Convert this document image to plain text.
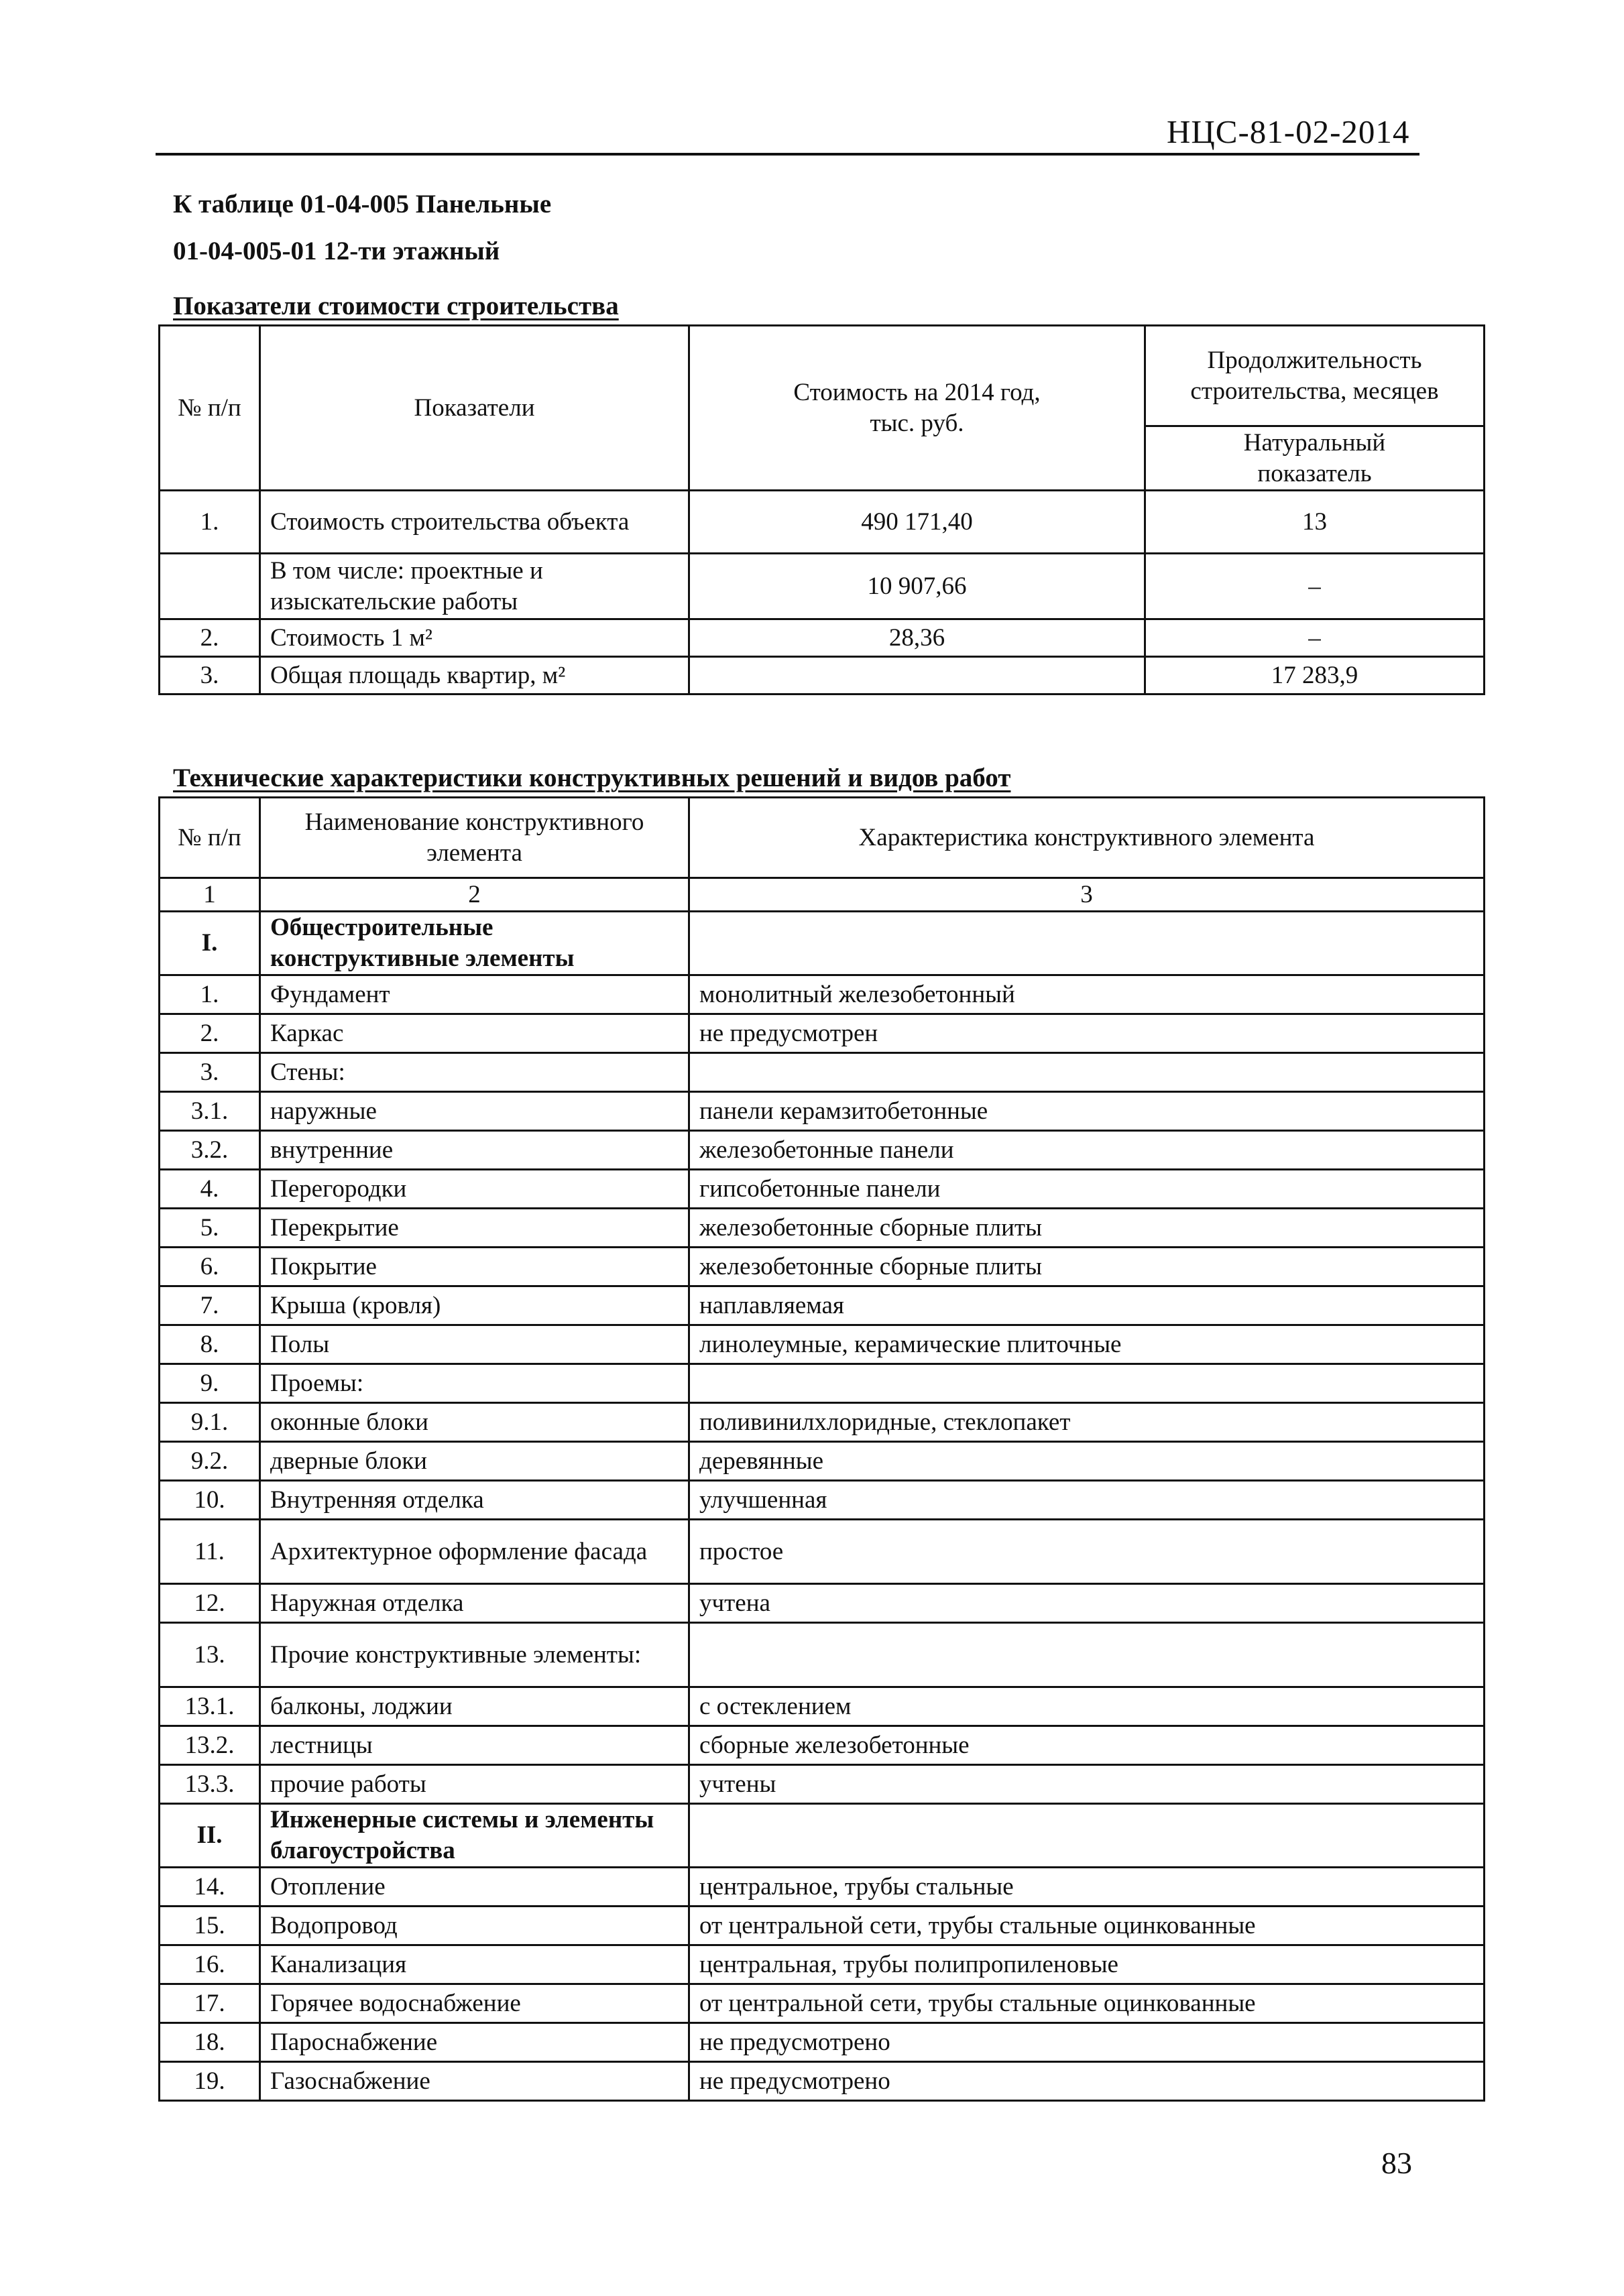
НЦС-81-02-2014
К таблице 01-04-005 Панельные
01-04-005-01 12-ти этажный
Показатели стоимости строительства
№ п/п	Показатели	Стоимость на 2014 год, тыс. руб.	Продолжительность строительства, месяцев
			Натуральный показатель
1.	Стоимость строительства объекта	490 171,40	13
	В том числе: проектные и изыскательские работы	10 907,66	–
2.	Стоимость 1 м²	28,36	–
3.	Общая площадь квартир, м²		17 283,9
Технические характеристики конструктивных решений и видов работ
№ п/п	Наименование конструктивного элемента	Характеристика конструктивного элемента
1	2	3
I.	Общестроительные конструктивные элементы	
1.	Фундамент	монолитный железобетонный
2.	Каркас	не предусмотрен
3.	Стены:	
3.1.	наружные	панели керамзитобетонные
3.2.	внутренние	железобетонные панели
4.	Перегородки	гипсобетонные панели
5.	Перекрытие	железобетонные сборные плиты
6.	Покрытие	железобетонные сборные плиты
7.	Крыша (кровля)	наплавляемая
8.	Полы	линолеумные, керамические плиточные
9.	Проемы:	
9.1.	оконные блоки	поливинилхлоридные, стеклопакет
9.2.	дверные блоки	деревянные
10.	Внутренняя отделка	улучшенная
11.	Архитектурное оформление фасада	простое
12.	Наружная отделка	учтена
13.	Прочие конструктивные элементы:	
13.1.	балконы, лоджии	с остеклением
13.2.	лестницы	сборные железобетонные
13.3.	прочие работы	учтены
II.	Инженерные системы и элементы благоустройства	
14.	Отопление	центральное, трубы стальные
15.	Водопровод	от центральной сети, трубы стальные оцинкованные
16.	Канализация	центральная, трубы полипропиленовые
17.	Горячее водоснабжение	от центральной сети, трубы стальные оцинкованные
18.	Пароснабжение	не предусмотрено
19.	Газоснабжение	не предусмотрено
83
